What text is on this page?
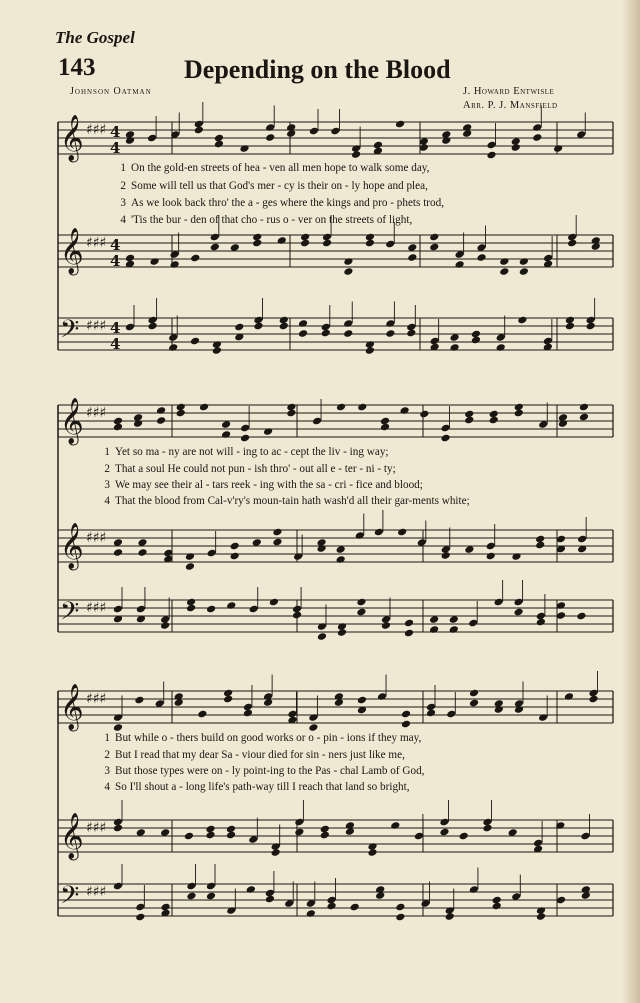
The Gospel
143	Depending on the Blood
Johnson Oatman	J. Howard Entwisle
Arr. P. J. Mansfield
𝄞 ♯♯♯ 4
4
𝄞 ♯♯♯ 4
4
𝄢 ♯♯♯ 4
4
𝄞 ♯♯♯
𝄞 ♯♯♯
𝄢 ♯♯♯
𝄞 ♯♯♯
𝄞 ♯♯♯
𝄢 ♯♯♯
1 On the gold-en streets of hea - ven all men hope to walk some day,
2 Some will tell us that God's mer - cy is their on - ly hope and plea,
3 As we look back thro' the a - ges where the kings and pro - phets trod,
4 'Tis the bur - den of that cho - rus o - ver on the streets of light,
1 Yet so ma - ny are not will - ing to ac - cept the liv - ing way;
2 That a soul He could not pun - ish thro' - out all e - ter - ni - ty;
3 We may see their al - tars reek - ing with the sa - cri - fice and blood;
4 That the blood from Cal-v'ry's moun-tain hath wash'd all their gar-ments white;
1 But while o - thers build on good works or o - pin - ions if they may,
2 But I read that my dear Sa - viour died for sin - ners just like me,
3 But those types were on - ly point-ing to the Pas - chal Lamb of God,
4 So I'll shout a - long life's path-way till I reach that land so bright,
